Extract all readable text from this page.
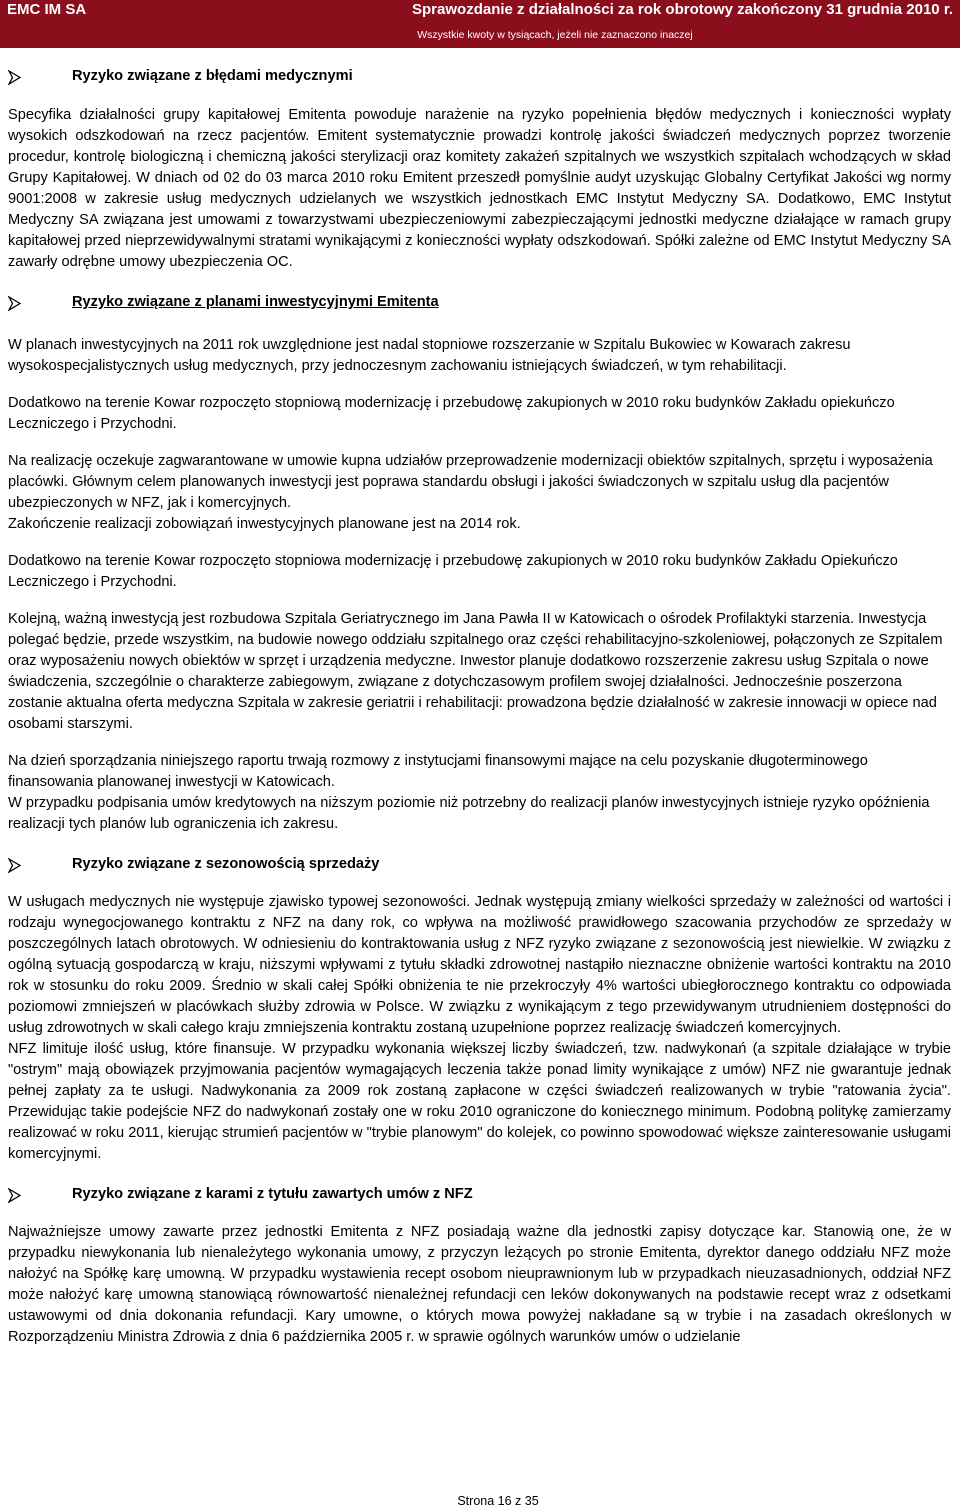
EMC IM SA	Sprawozdanie z działalności za rok obrotowy zakończony 31 grudnia 2010 r.
Wszystkie kwoty w tysiącach, jeżeli nie zaznaczono inaczej
Ryzyko związane z błędami medycznymi

Specyfika działalności grupy kapitałowej Emitenta powoduje narażenie na ryzyko popełnienia błędów medycznych i konieczności wypłaty wysokich odszkodowań na rzecz pacjentów. Emitent systematycznie prowadzi kontrolę jakości świadczeń medycznych poprzez tworzenie procedur, kontrolę biologiczną i chemiczną jakości sterylizacji oraz komitety zakażeń szpitalnych we wszystkich szpitalach wchodzących w skład Grupy Kapitałowej. W dniach od 02 do 03 marca 2010 roku Emitent przeszedł pomyślnie audyt uzyskując Globalny Certyfikat Jakości wg normy 9001:2008 w zakresie usług medycznych udzielanych we wszystkich jednostkach EMC Instytut Medyczny SA. Dodatkowo, EMC Instytut Medyczny SA związana jest umowami z towarzystwami ubezpieczeniowymi zabezpieczającymi jednostki medyczne działające w ramach grupy kapitałowej przed nieprzewidywalnymi stratami wynikającymi z konieczności wypłaty odszkodowań. Spółki zależne od EMC Instytut Medyczny SA zawarły odrębne umowy ubezpieczenia OC.

Ryzyko związane z planami inwestycyjnymi Emitenta

W planach inwestycyjnych na 2011 rok uwzględnione jest nadal stopniowe rozszerzanie w Szpitalu Bukowiec w Kowarach zakresu wysokospecjalistycznych usług medycznych, przy jednoczesnym zachowaniu istniejących świadczeń, w tym rehabilitacji.

Dodatkowo na terenie Kowar rozpoczęto stopniową modernizację i przebudowę zakupionych w 2010 roku budynków Zakładu opiekuńczo Leczniczego i Przychodni.

Na realizację oczekuje zagwarantowane w umowie kupna udziałów przeprowadzenie modernizacji obiektów szpitalnych, sprzętu i wyposażenia placówki. Głównym celem planowanych inwestycji jest poprawa standardu obsługi i jakości świadczonych w szpitalu usług dla pacjentów ubezpieczonych w NFZ, jak i komercyjnych.

Zakończenie realizacji zobowiązań inwestycyjnych planowane jest na 2014 rok.

Dodatkowo na terenie Kowar rozpoczęto stopniowa modernizację i przebudowę zakupionych w 2010 roku budynków Zakładu Opiekuńczo Leczniczego i Przychodni.

Kolejną, ważną inwestycją jest rozbudowa Szpitala Geriatrycznego im Jana Pawła II w Katowicach o ośrodek Profilaktyki starzenia. Inwestycja polegać będzie, przede wszystkim, na budowie nowego oddziału szpitalnego oraz części rehabilitacyjno-szkoleniowej, połączonych ze Szpitalem oraz wyposażeniu nowych obiektów w sprzęt i urządzenia medyczne. Inwestor planuje dodatkowo rozszerzenie zakresu usług Szpitala o nowe świadczenia, szczególnie o charakterze zabiegowym, związane z dotychczasowym profilem swojej działalności. Jednocześnie poszerzona zostanie aktualna oferta medyczna Szpitala w zakresie geriatrii i rehabilitacji: prowadzona będzie działalność w zakresie innowacji w opiece nad osobami starszymi.

Na dzień sporządzania niniejszego raportu trwają rozmowy z instytucjami finansowymi mające na celu pozyskanie długoterminowego finansowania planowanej inwestycji w Katowicach.

W przypadku podpisania umów kredytowych na niższym poziomie niż potrzebny do realizacji planów inwestycyjnych istnieje ryzyko opóźnienia realizacji tych planów lub ograniczenia ich zakresu.

Ryzyko związane z sezonowością sprzedaży

W usługach medycznych nie występuje zjawisko typowej sezonowości. Jednak występują zmiany wielkości sprzedaży w zależności od wartości i rodzaju wynegocjowanego kontraktu z NFZ na dany rok, co wpływa na możliwość prawidłowego szacowania przychodów ze sprzedaży w poszczególnych latach obrotowych. W odniesieniu do kontraktowania usług z NFZ ryzyko związane z sezonowością jest niewielkie. W związku z ogólną sytuacją gospodarczą w kraju, niższymi wpływami z tytułu składki zdrowotnej nastąpiło nieznaczne obniżenie wartości kontraktu na 2010 rok w stosunku do roku 2009. Średnio w skali całej Spółki obniżenia te nie przekroczyły 4% wartości ubiegłorocznego kontraktu co odpowiada poziomowi zmniejszeń w placówkach służby zdrowia w Polsce. W związku z wynikającym z tego przewidywanym utrudnieniem dostępności do usług zdrowotnych w skali całego kraju zmniejszenia kontraktu zostaną uzupełnione poprzez realizację świadczeń komercyjnych.

NFZ limituje ilość usług, które finansuje. W przypadku wykonania większej liczby świadczeń, tzw. nadwykonań (a szpitale działające w trybie "ostrym" mają obowiązek przyjmowania pacjentów wymagających leczenia także ponad limity wynikające z umów) NFZ nie gwarantuje jednak pełnej zapłaty za te usługi. Nadwykonania za 2009 rok zostaną zapłacone w części świadczeń realizowanych w trybie "ratowania życia". Przewidując takie podejście NFZ do nadwykonań zostały one w roku 2010 ograniczone do koniecznego minimum. Podobną politykę zamierzamy realizować w roku 2011, kierując strumień pacjentów w "trybie planowym" do kolejek, co powinno spowodować większe zainteresowanie usługami komercyjnymi.

Ryzyko związane z karami z tytułu zawartych umów z NFZ

Najważniejsze umowy zawarte przez jednostki Emitenta z NFZ posiadają ważne dla jednostki zapisy dotyczące kar. Stanowią one, że w przypadku niewykonania lub nienależytego wykonania umowy, z przyczyn leżących po stronie Emitenta, dyrektor danego oddziału NFZ może nałożyć na Spółkę karę umowną. W przypadku wystawienia recept osobom nieuprawnionym lub w przypadkach nieuzasadnionych, oddział NFZ może nałożyć karę umowną stanowiącą równowartość nienależnej refundacji cen leków dokonywanych na podstawie recept wraz z odsetkami ustawowymi od dnia dokonania refundacji. Kary umowne, o których mowa powyżej nakładane są w trybie i na zasadach określonych w Rozporządzeniu Ministra Zdrowia z dnia 6 października 2005 r. w sprawie ogólnych warunków umów o udzielanie

Strona 16 z 35
